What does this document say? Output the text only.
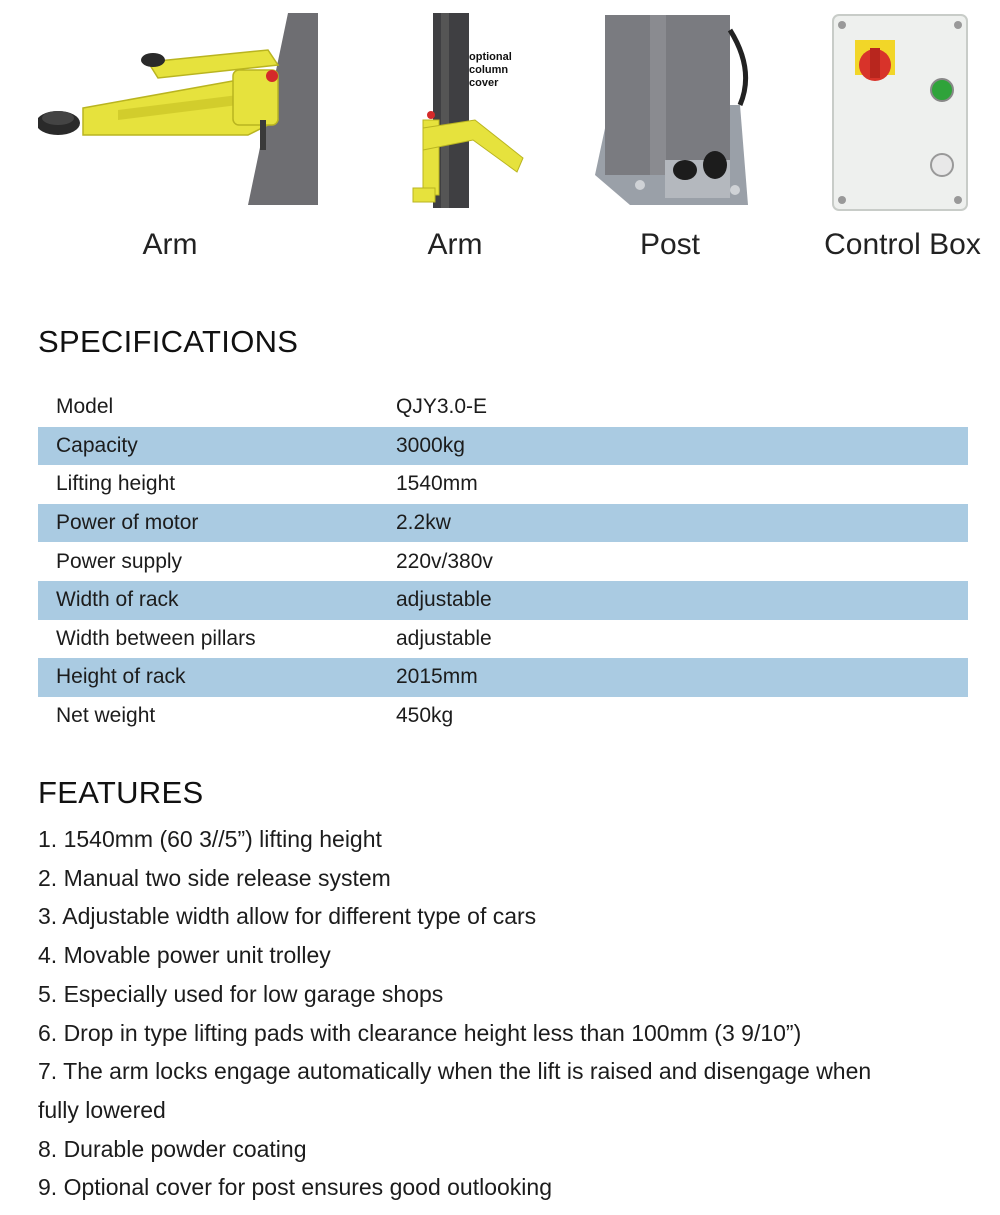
optional
column
cover
Arm	Arm	Post	Control Box
SPECIFICATIONS
Model	QJY3.0-E
Capacity	3000kg
Lifting height	1540mm
Power of motor	2.2kw
Power supply	220v/380v
Width of rack	adjustable
Width between pillars	adjustable
Height of rack	2015mm
Net weight	450kg
FEATURES
1. 1540mm (60 3//5”) lifting height
2. Manual two side release system
3. Adjustable width allow for different type of cars
4. Movable power unit trolley
5. Especially used for low garage shops
6. Drop in type lifting pads with clearance height less than 100mm (3 9/10”)
7. The arm locks engage automatically when the lift is raised and disengage when fully lowered
8. Durable powder coating
9. Optional cover for post ensures good outlooking
